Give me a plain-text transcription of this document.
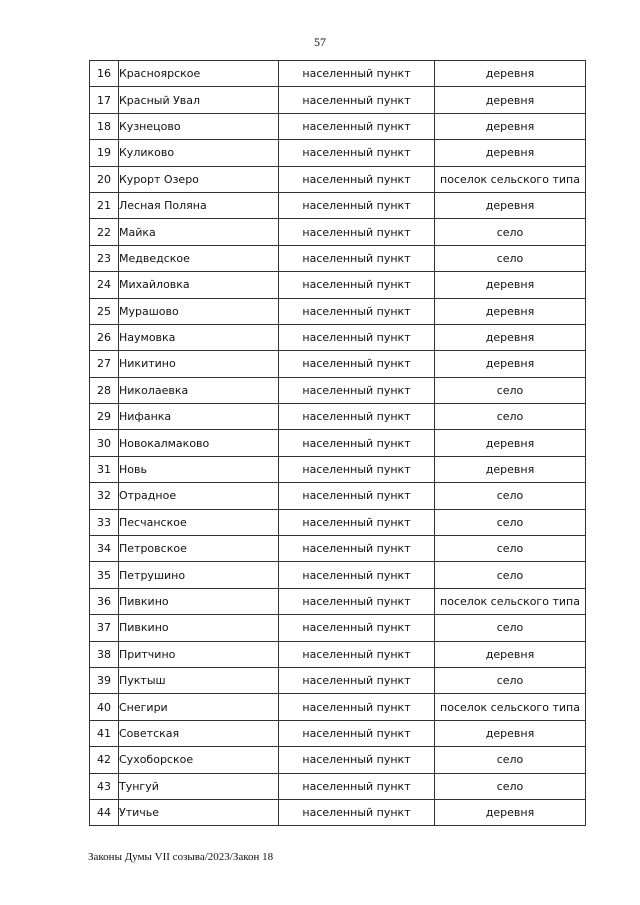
57
16	Красноярское	населенный пункт	деревня
17	Красный Увал	населенный пункт	деревня
18	Кузнецово	населенный пункт	деревня
19	Куликово	населенный пункт	деревня
20	Курорт Озеро	населенный пункт	поселок сельского типа
21	Лесная Поляна	населенный пункт	деревня
22	Майка	населенный пункт	село
23	Медведское	населенный пункт	село
24	Михайловка	населенный пункт	деревня
25	Мурашово	населенный пункт	деревня
26	Наумовка	населенный пункт	деревня
27	Никитино	населенный пункт	деревня
28	Николаевка	населенный пункт	село
29	Нифанка	населенный пункт	село
30	Новокалмаково	населенный пункт	деревня
31	Новь	населенный пункт	деревня
32	Отрадное	населенный пункт	село
33	Песчанское	населенный пункт	село
34	Петровское	населенный пункт	село
35	Петрушино	населенный пункт	село
36	Пивкино	населенный пункт	поселок сельского типа
37	Пивкино	населенный пункт	село
38	Притчино	населенный пункт	деревня
39	Пуктыш	населенный пункт	село
40	Снегири	населенный пункт	поселок сельского типа
41	Советская	населенный пункт	деревня
42	Сухоборское	населенный пункт	село
43	Тунгуй	населенный пункт	село
44	Утичье	населенный пункт	деревня
Законы Думы VII созыва/2023/Закон 18
